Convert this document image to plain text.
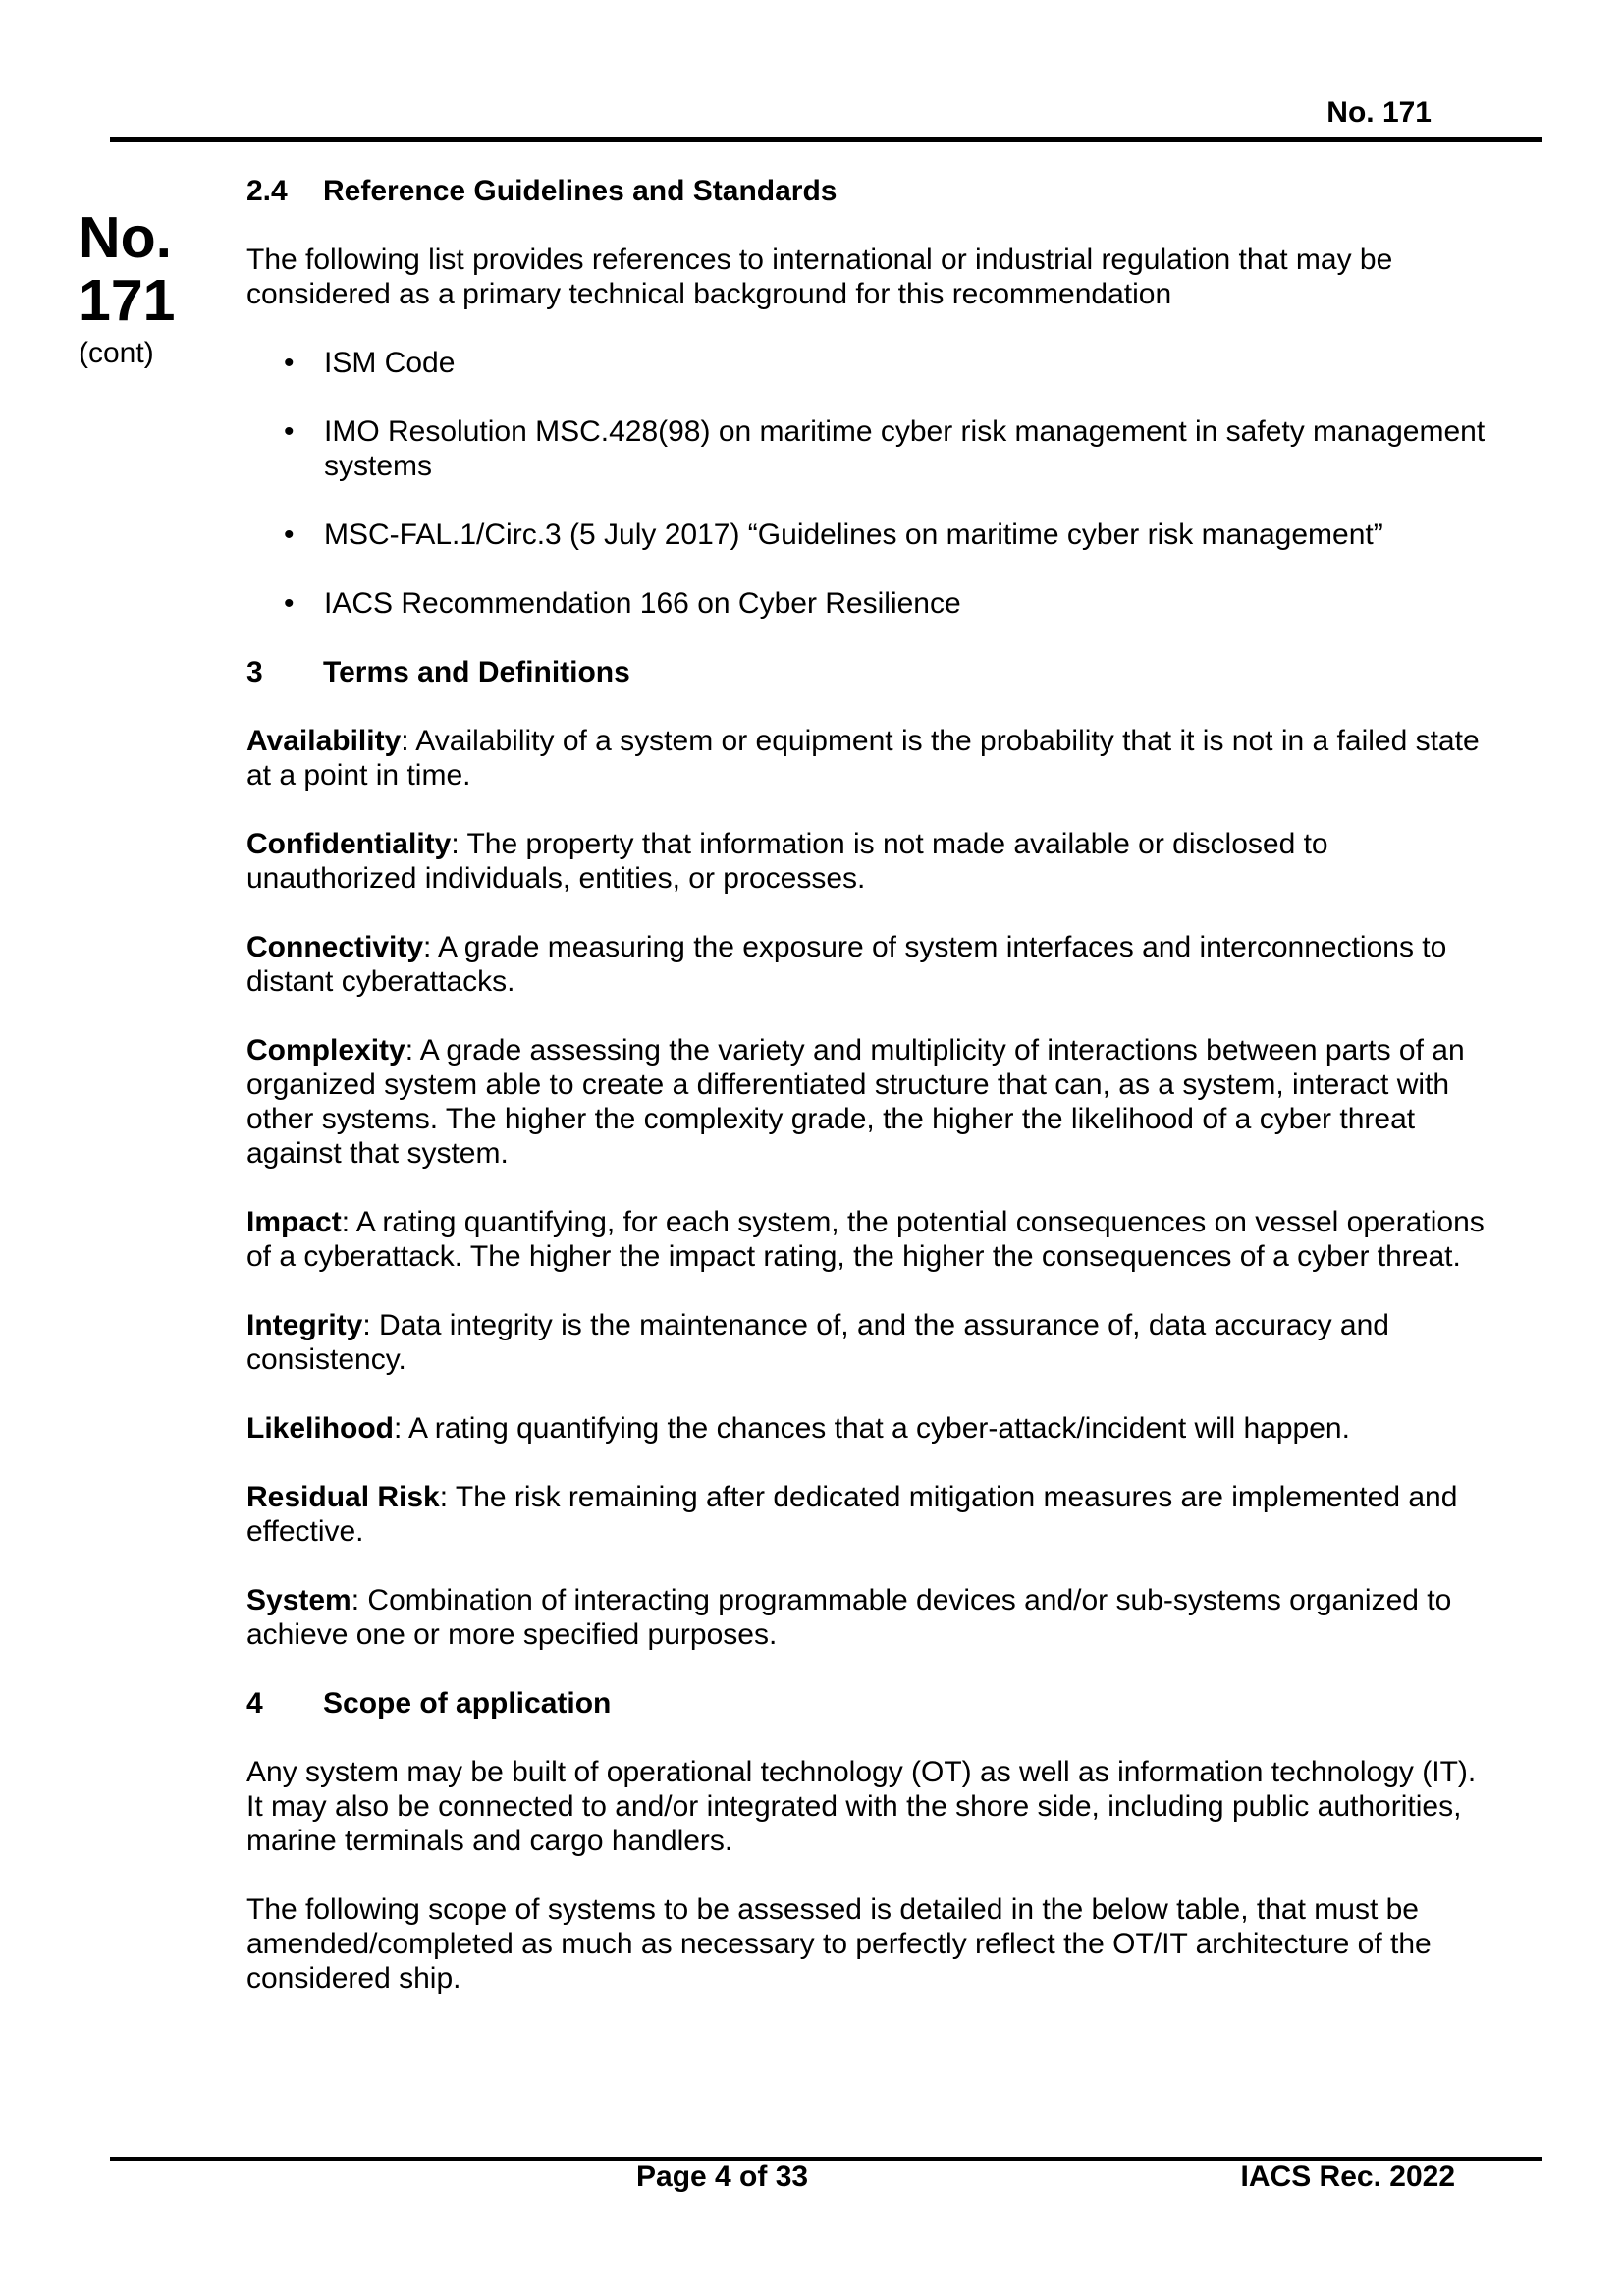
No. 171
No.
171
(cont)
2.4 Reference Guidelines and Standards

The following list provides references to international or industrial regulation that may be considered as a primary technical background for this recommendation

• ISM Code
• IMO Resolution MSC.428(98) on maritime cyber risk management in safety management systems
• MSC-FAL.1/Circ.3 (5 July 2017) “Guidelines on maritime cyber risk management”
• IACS Recommendation 166 on Cyber Resilience
3 Terms and Definitions

Availability: Availability of a system or equipment is the probability that it is not in a failed state at a point in time.

Confidentiality: The property that information is not made available or disclosed to unauthorized individuals, entities, or processes.

Connectivity: A grade measuring the exposure of system interfaces and interconnections to distant cyberattacks.

Complexity: A grade assessing the variety and multiplicity of interactions between parts of an organized system able to create a differentiated structure that can, as a system, interact with other systems. The higher the complexity grade, the higher the likelihood of a cyber threat against that system.

Impact: A rating quantifying, for each system, the potential consequences on vessel operations of a cyberattack. The higher the impact rating, the higher the consequences of a cyber threat.

Integrity: Data integrity is the maintenance of, and the assurance of, data accuracy and consistency.

Likelihood: A rating quantifying the chances that a cyber-attack/incident will happen.

Residual Risk: The risk remaining after dedicated mitigation measures are implemented and effective.

System: Combination of interacting programmable devices and/or sub-systems organized to achieve one or more specified purposes.

4 Scope of application

Any system may be built of operational technology (OT) as well as information technology (IT). It may also be connected to and/or integrated with the shore side, including public authorities, marine terminals and cargo handlers.

The following scope of systems to be assessed is detailed in the below table, that must be amended/completed as much as necessary to perfectly reflect the OT/IT architecture of the considered ship.

Page 4 of 33	IACS Rec. 2022
